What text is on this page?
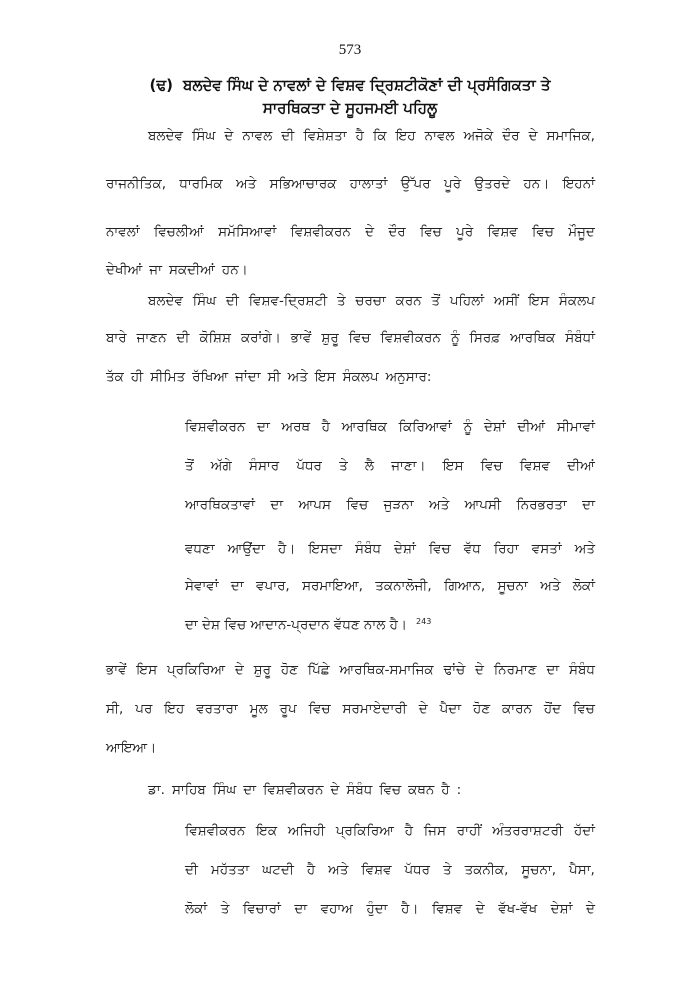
573
(ਢ) ਬਲਦੇਵ ਸਿੰਘ ਦੇ ਨਾਵਲਾਂ ਦੇ ਵਿਸ਼ਵ ਦ੍ਰਿਸ਼ਟੀਕੋਣਾਂ ਦੀ ਪ੍ਰਸੰਗਿਕਤਾ ਤੇ
ਸਾਰਥਿਕਤਾ ਦੇ ਸੂਹਜਮਈ ਪਹਿਲੂ
ਬਲਦੇਵ ਸਿੰਘ ਦੇ ਨਾਵਲ ਦੀ ਵਿਸ਼ੇਸ਼ਤਾ ਹੈ ਕਿ ਇਹ ਨਾਵਲ ਅਜੋਕੇ ਦੌਰ ਦੇ ਸਮਾਜਿਕ,
ਰਾਜਨੀਤਿਕ, ਧਾਰਮਿਕ ਅਤੇ ਸਭਿਆਚਾਰਕ ਹਾਲਾਤਾਂ ਉੱਪਰ ਪੂਰੇ ਉਤਰਦੇ ਹਨ। ਇਹਨਾਂ
ਨਾਵਲਾਂ ਵਿਚਲੀਆਂ ਸਮੱਸਿਆਵਾਂ ਵਿਸ਼ਵੀਕਰਨ ਦੇ ਦੌਰ ਵਿਚ ਪੂਰੇ ਵਿਸ਼ਵ ਵਿਚ ਮੌਜੂਦ
ਦੇਖੀਆਂ ਜਾ ਸਕਦੀਆਂ ਹਨ।
ਬਲਦੇਵ ਸਿੰਘ ਦੀ ਵਿਸ਼ਵ-ਦ੍ਰਿਸ਼ਟੀ ਤੇ ਚਰਚਾ ਕਰਨ ਤੋਂ ਪਹਿਲਾਂ ਅਸੀਂ ਇਸ ਸੰਕਲਪ
ਬਾਰੇ ਜਾਣਨ ਦੀ ਕੋਸ਼ਿਸ਼ ਕਰਾਂਗੇ। ਭਾਵੇਂ ਸ਼ੁਰੂ ਵਿਚ ਵਿਸ਼ਵੀਕਰਨ ਨੂੰ ਸਿਰਫ਼ ਆਰਥਿਕ ਸੰਬੰਧਾਂ
ਤੱਕ ਹੀ ਸੀਮਿਤ ਰੱਖਿਆ ਜਾਂਦਾ ਸੀ ਅਤੇ ਇਸ ਸੰਕਲਪ ਅਨੁਸਾਰ:
ਵਿਸ਼ਵੀਕਰਨ ਦਾ ਅਰਥ ਹੈ ਆਰਥਿਕ ਕਿਰਿਆਵਾਂ ਨੂੰ ਦੇਸ਼ਾਂ ਦੀਆਂ ਸੀਮਾਵਾਂ
ਤੋਂ ਅੱਗੇ ਸੰਸਾਰ ਪੱਧਰ ਤੇ ਲੈ ਜਾਣਾ। ਇਸ ਵਿਚ ਵਿਸ਼ਵ ਦੀਆਂ
ਆਰਥਿਕਤਾਵਾਂ ਦਾ ਆਪਸ ਵਿਚ ਜੁੜਨਾ ਅਤੇ ਆਪਸੀ ਨਿਰਭਰਤਾ ਦਾ
ਵਧਣਾ ਆਉਂਦਾ ਹੈ। ਇਸਦਾ ਸੰਬੰਧ ਦੇਸ਼ਾਂ ਵਿਚ ਵੱਧ ਰਿਹਾ ਵਸਤਾਂ ਅਤੇ
ਸੇਵਾਵਾਂ ਦਾ ਵਪਾਰ, ਸਰਮਾਇਆ, ਤਕਨਾਲੋਜੀ, ਗਿਆਨ, ਸੂਚਨਾ ਅਤੇ ਲੋਕਾਂ
ਦਾ ਦੇਸ਼ ਵਿਚ ਆਦਾਨ-ਪ੍ਰਦਾਨ ਵੱਧਣ ਨਾਲ ਹੈ। 243
ਭਾਵੇਂ ਇਸ ਪ੍ਰਕਿਰਿਆ ਦੇ ਸ਼ੁਰੂ ਹੋਣ ਪਿੱਛੇ ਆਰਥਿਕ-ਸਮਾਜਿਕ ਢਾਂਚੇ ਦੇ ਨਿਰਮਾਣ ਦਾ ਸੰਬੰਧ
ਸੀ, ਪਰ ਇਹ ਵਰਤਾਰਾ ਮੂਲ ਰੂਪ ਵਿਚ ਸਰਮਾਏਦਾਰੀ ਦੇ ਪੈਦਾ ਹੋਣ ਕਾਰਨ ਹੋਂਦ ਵਿਚ
ਆਇਆ।
ਡਾ. ਸਾਹਿਬ ਸਿੰਘ ਦਾ ਵਿਸ਼ਵੀਕਰਨ ਦੇ ਸੰਬੰਧ ਵਿਚ ਕਥਨ ਹੈ :
ਵਿਸ਼ਵੀਕਰਨ ਇਕ ਅਜਿਹੀ ਪ੍ਰਕਿਰਿਆ ਹੈ ਜਿਸ ਰਾਹੀਂ ਅੰਤਰਰਾਸ਼ਟਰੀ ਹੱਦਾਂ
ਦੀ ਮਹੱਤਤਾ ਘਟਦੀ ਹੈ ਅਤੇ ਵਿਸ਼ਵ ਪੱਧਰ ਤੇ ਤਕਨੀਕ, ਸੂਚਨਾ, ਪੈਸਾ,
ਲੋਕਾਂ ਤੇ ਵਿਚਾਰਾਂ ਦਾ ਵਹਾਅ ਹੁੰਦਾ ਹੈ। ਵਿਸ਼ਵ ਦੇ ਵੱਖ-ਵੱਖ ਦੇਸ਼ਾਂ ਦੇ
